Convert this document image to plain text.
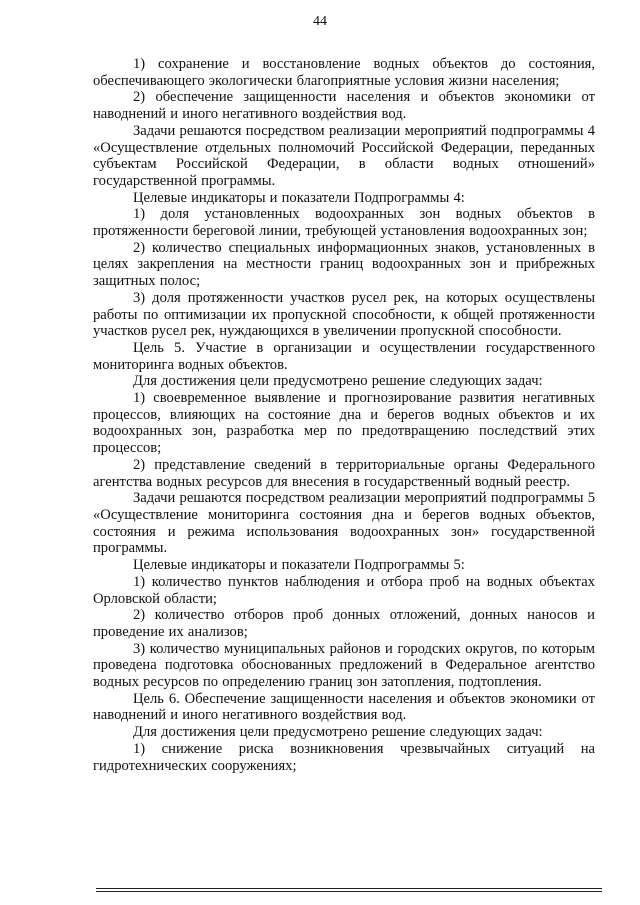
44

1) сохранение и восстановление водных объектов до состояния, обеспечивающего экологически благоприятные условия жизни населения;

2) обеспечение защищенности населения и объектов экономики от наводнений и иного негативного воздействия вод.

Задачи решаются посредством реализации мероприятий подпрограммы 4 «Осуществление отдельных полномочий Российской Федерации, переданных субъектам Российской Федерации, в области водных отношений» государственной программы.

Целевые индикаторы и показатели Подпрограммы 4:

1) доля установленных водоохранных зон водных объектов в протяженности береговой линии, требующей установления водоохранных зон;

2) количество специальных информационных знаков, установленных в целях закрепления на местности границ водоохранных зон и прибрежных защитных полос;

3) доля протяженности участков русел рек, на которых осуществлены работы по оптимизации их пропускной способности, к общей протяженности участков русел рек, нуждающихся в увеличении пропускной способности.

Цель 5. Участие в организации и осуществлении государственного мониторинга водных объектов.

Для достижения цели предусмотрено решение следующих задач:

1) своевременное выявление и прогнозирование развития негативных процессов, влияющих на состояние дна и берегов водных объектов и их водоохранных зон, разработка мер по предотвращению последствий этих процессов;

2) представление сведений в территориальные органы Федерального агентства водных ресурсов для внесения в государственный водный реестр.

Задачи решаются посредством реализации мероприятий подпрограммы 5 «Осуществление мониторинга состояния дна и берегов водных объектов, состояния и режима использования водоохранных зон» государственной программы.

Целевые индикаторы и показатели Подпрограммы 5:

1) количество пунктов наблюдения и отбора проб на водных объектах Орловской области;

2) количество отборов проб донных отложений, донных наносов и проведение их анализов;

3) количество муниципальных районов и городских округов, по которым проведена подготовка обоснованных предложений в Федеральное агентство водных ресурсов по определению границ зон затопления, подтопления.

Цель 6. Обеспечение защищенности населения и объектов экономики от наводнений и иного негативного воздействия вод.

Для достижения цели предусмотрено решение следующих задач:

1) снижение риска возникновения чрезвычайных ситуаций на гидротехнических сооружениях;
